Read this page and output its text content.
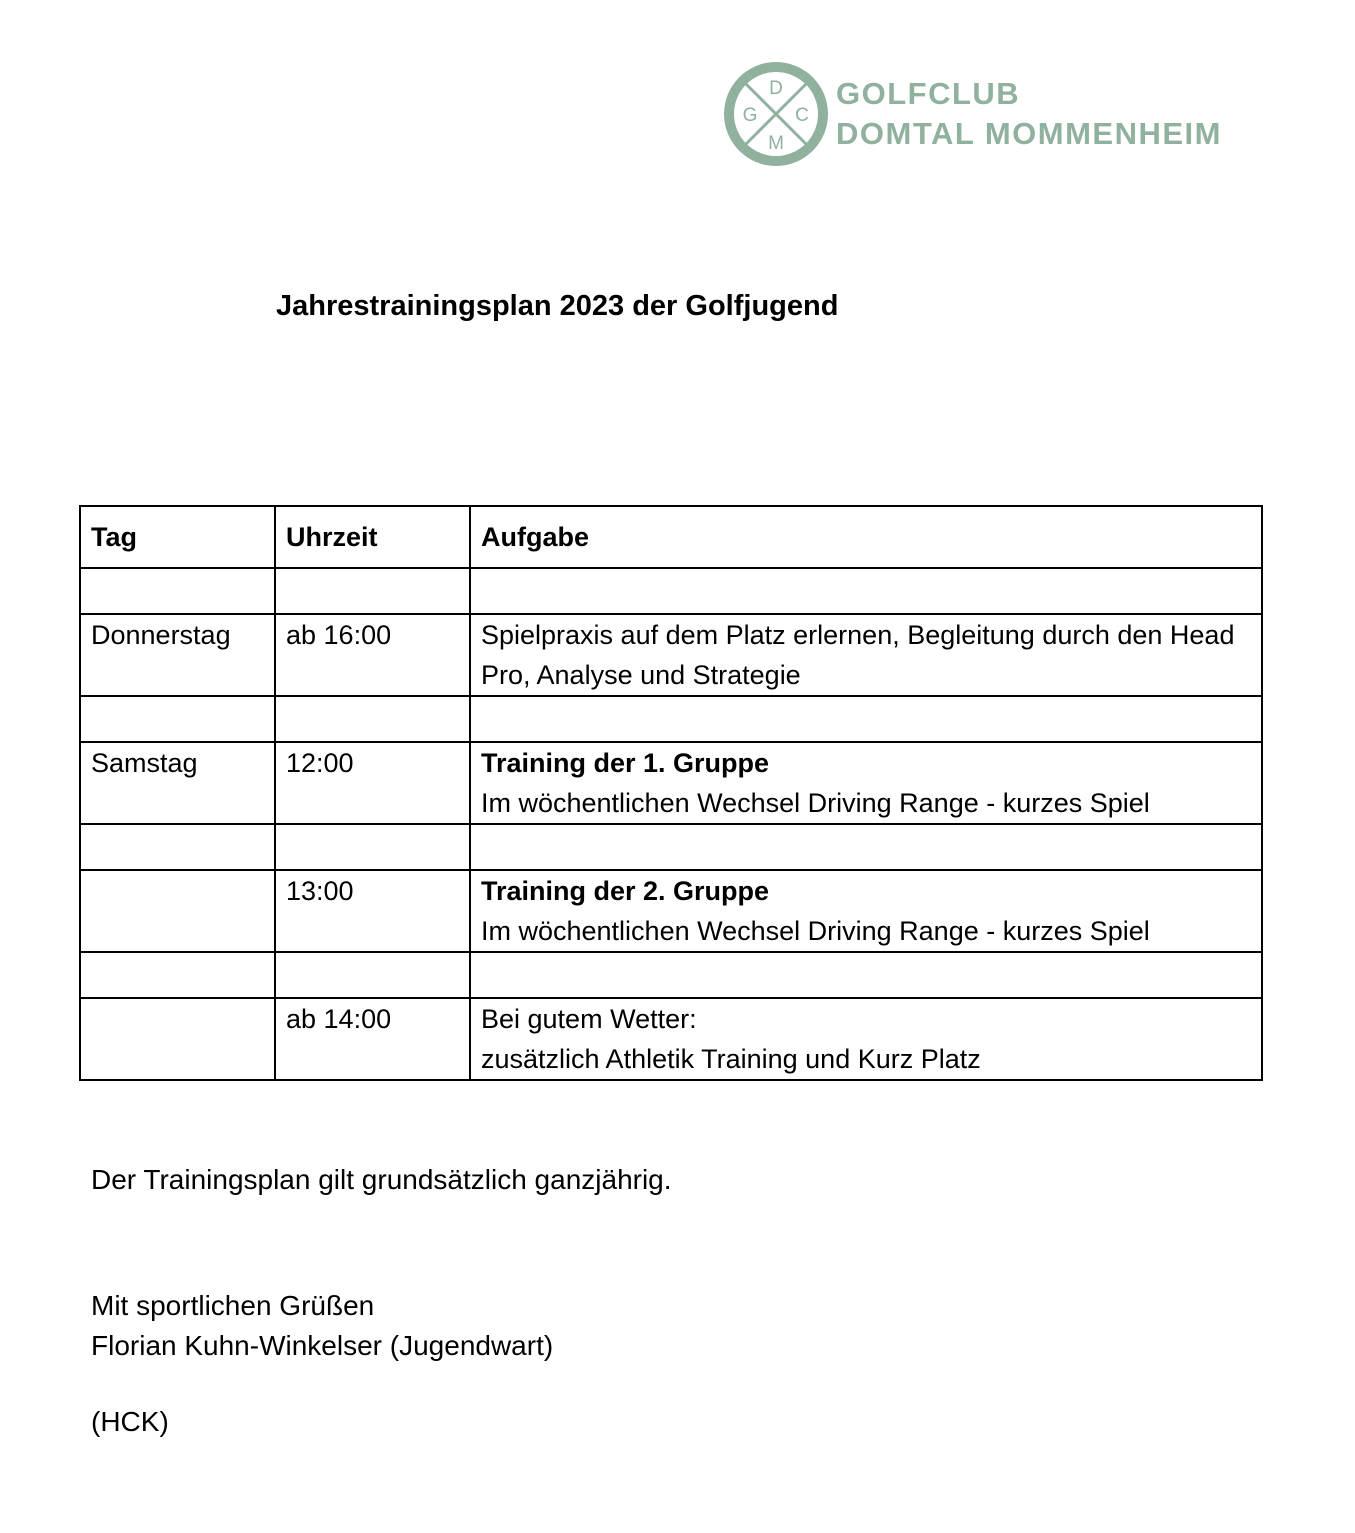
D
G C
M
GOLFCLUB
DOMTAL MOMMENHEIM
Jahrestrainingsplan 2023 der Golfjugend
Tag	Uhrzeit	Aufgabe

Donnerstag	ab 16:00	Spielpraxis auf dem Platz erlernen, Begleitung durch den Head Pro, Analyse und Strategie

Samstag	12:00	Training der 1. Gruppe
Im wöchentlichen Wechsel Driving Range - kurzes Spiel

	13:00	Training der 2. Gruppe
Im wöchentlichen Wechsel Driving Range - kurzes Spiel

	ab 14:00	Bei gutem Wetter:
zusätzlich Athletik Training und Kurz Platz
Der Trainingsplan gilt grundsätzlich ganzjährig.
Mit sportlichen Grüßen
Florian Kuhn-Winkelser (Jugendwart)
(HCK)
